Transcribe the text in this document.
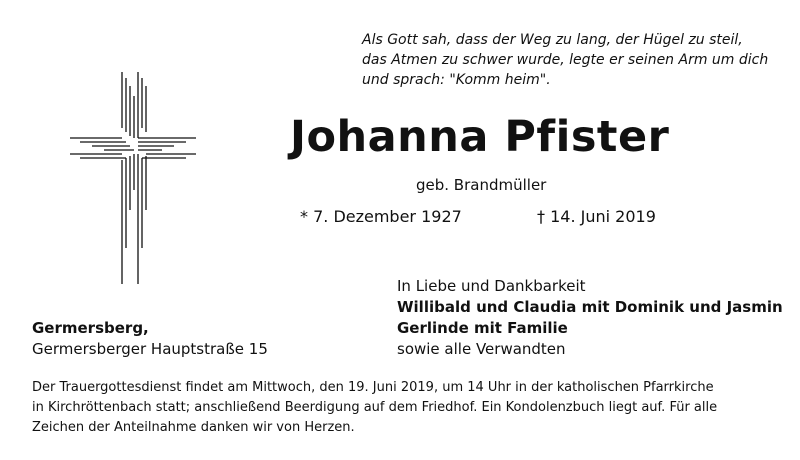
Als Gott sah, dass der Weg zu lang, der Hügel zu steil,
das Atmen zu schwer wurde, legte er seinen Arm um dich
und sprach: "Komm heim".
Johanna Pfister
geb. Brandmüller
* 7. Dezember 1927	† 14. Juni 2019
In Liebe und Dankbarkeit
Willibald und Claudia mit Dominik und Jasmin
Gerlinde mit Familie
sowie alle Verwandten
Germersberg,
Germersberger Hauptstraße 15
Der Trauergottesdienst findet am Mittwoch, den 19. Juni 2019, um 14 Uhr in der katholischen Pfarrkirche
in Kirchröttenbach statt; anschließend Beerdigung auf dem Friedhof. Ein Kondolenzbuch liegt auf. Für alle
Zeichen der Anteilnahme danken wir von Herzen.
